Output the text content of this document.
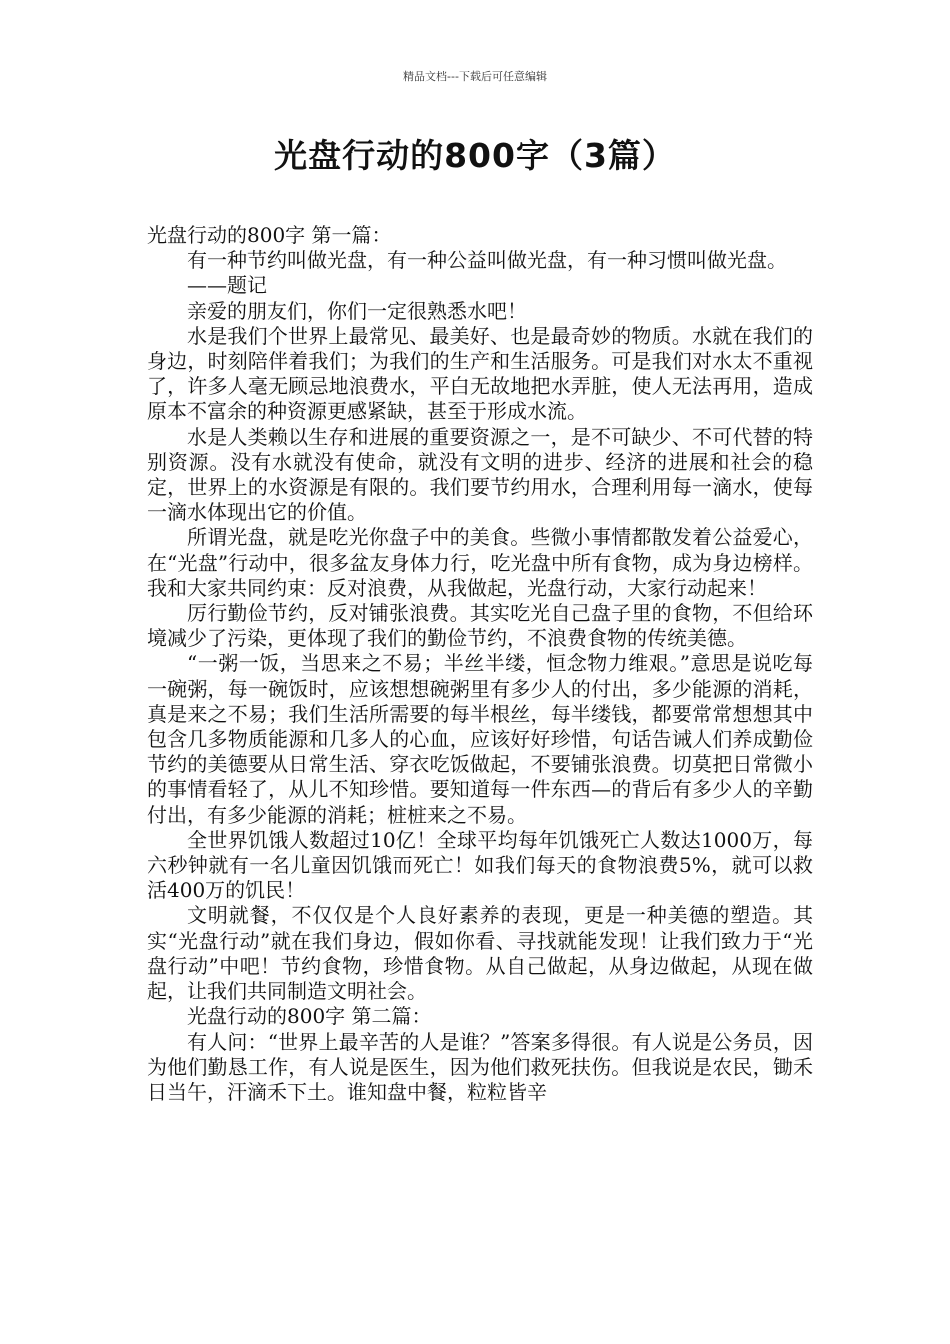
精品文档---下载后可任意编辑
光盘行动的800字（3篇）

光盘行动的800字 第一篇：

有一种节约叫做光盘，有一种公益叫做光盘，有一种习惯叫做光盘。

——题记

亲爱的朋友们，你们一定很熟悉水吧！

水是我们个世界上最常见、最美好、也是最奇妙的物质。水就在我们的身边，时刻陪伴着我们；为我们的生产和生活服务。可是我们对水太不重视了，许多人毫无顾忌地浪费水，平白无故地把水弄脏，使人无法再用，造成原本不富余的种资源更感紧缺，甚至于形成水流。

水是人类赖以生存和进展的重要资源之一，是不可缺少、不可代替的特别资源。没有水就没有使命，就没有文明的进步、经济的进展和社会的稳定，世界上的水资源是有限的。我们要节约用水，合理利用每一滴水，使每一滴水体现出它的价值。

所谓光盘，就是吃光你盘子中的美食。些微小事情都散发着公益爱心，在“光盘”行动中，很多盆友身体力行，吃光盘中所有食物，成为身边榜样。我和大家共同约束：反对浪费，从我做起，光盘行动，大家行动起来！

厉行勤俭节约，反对铺张浪费。其实吃光自己盘子里的食物，不但给环境减少了污染，更体现了我们的勤俭节约，不浪费食物的传统美德。

“一粥一饭，当思来之不易；半丝半缕，恒念物力维艰。”意思是说吃每一碗粥，每一碗饭时，应该想想碗粥里有多少人的付出，多少能源的消耗，真是来之不易；我们生活所需要的每半根丝，每半缕钱，都要常常想想其中包含几多物质能源和几多人的心血，应该好好珍惜，句话告诫人们养成勤俭节约的美德要从日常生活、穿衣吃饭做起，不要铺张浪费。切莫把日常微小的事情看轻了，从儿不知珍惜。要知道每一件东西—的背后有多少人的辛勤付出，有多少能源的消耗；桩桩来之不易。

全世界饥饿人数超过10亿！全球平均每年饥饿死亡人数达1000万，每六秒钟就有一名儿童因饥饿而死亡！如我们每天的食物浪费5%，就可以救活400万的饥民！

文明就餐，不仅仅是个人良好素养的表现，更是一种美德的塑造。其实“光盘行动”就在我们身边，假如你看、寻找就能发现！让我们致力于“光盘行动”中吧！节约食物，珍惜食物。从自己做起，从身边做起，从现在做起，让我们共同制造文明社会。

光盘行动的800字 第二篇：

有人问：“世界上最辛苦的人是谁？”答案多得很。有人说是公务员，因为他们勤恳工作，有人说是医生，因为他们救死扶伤。但我说是农民，锄禾日当午，汗滴禾下土。谁知盘中餐，粒粒皆辛
